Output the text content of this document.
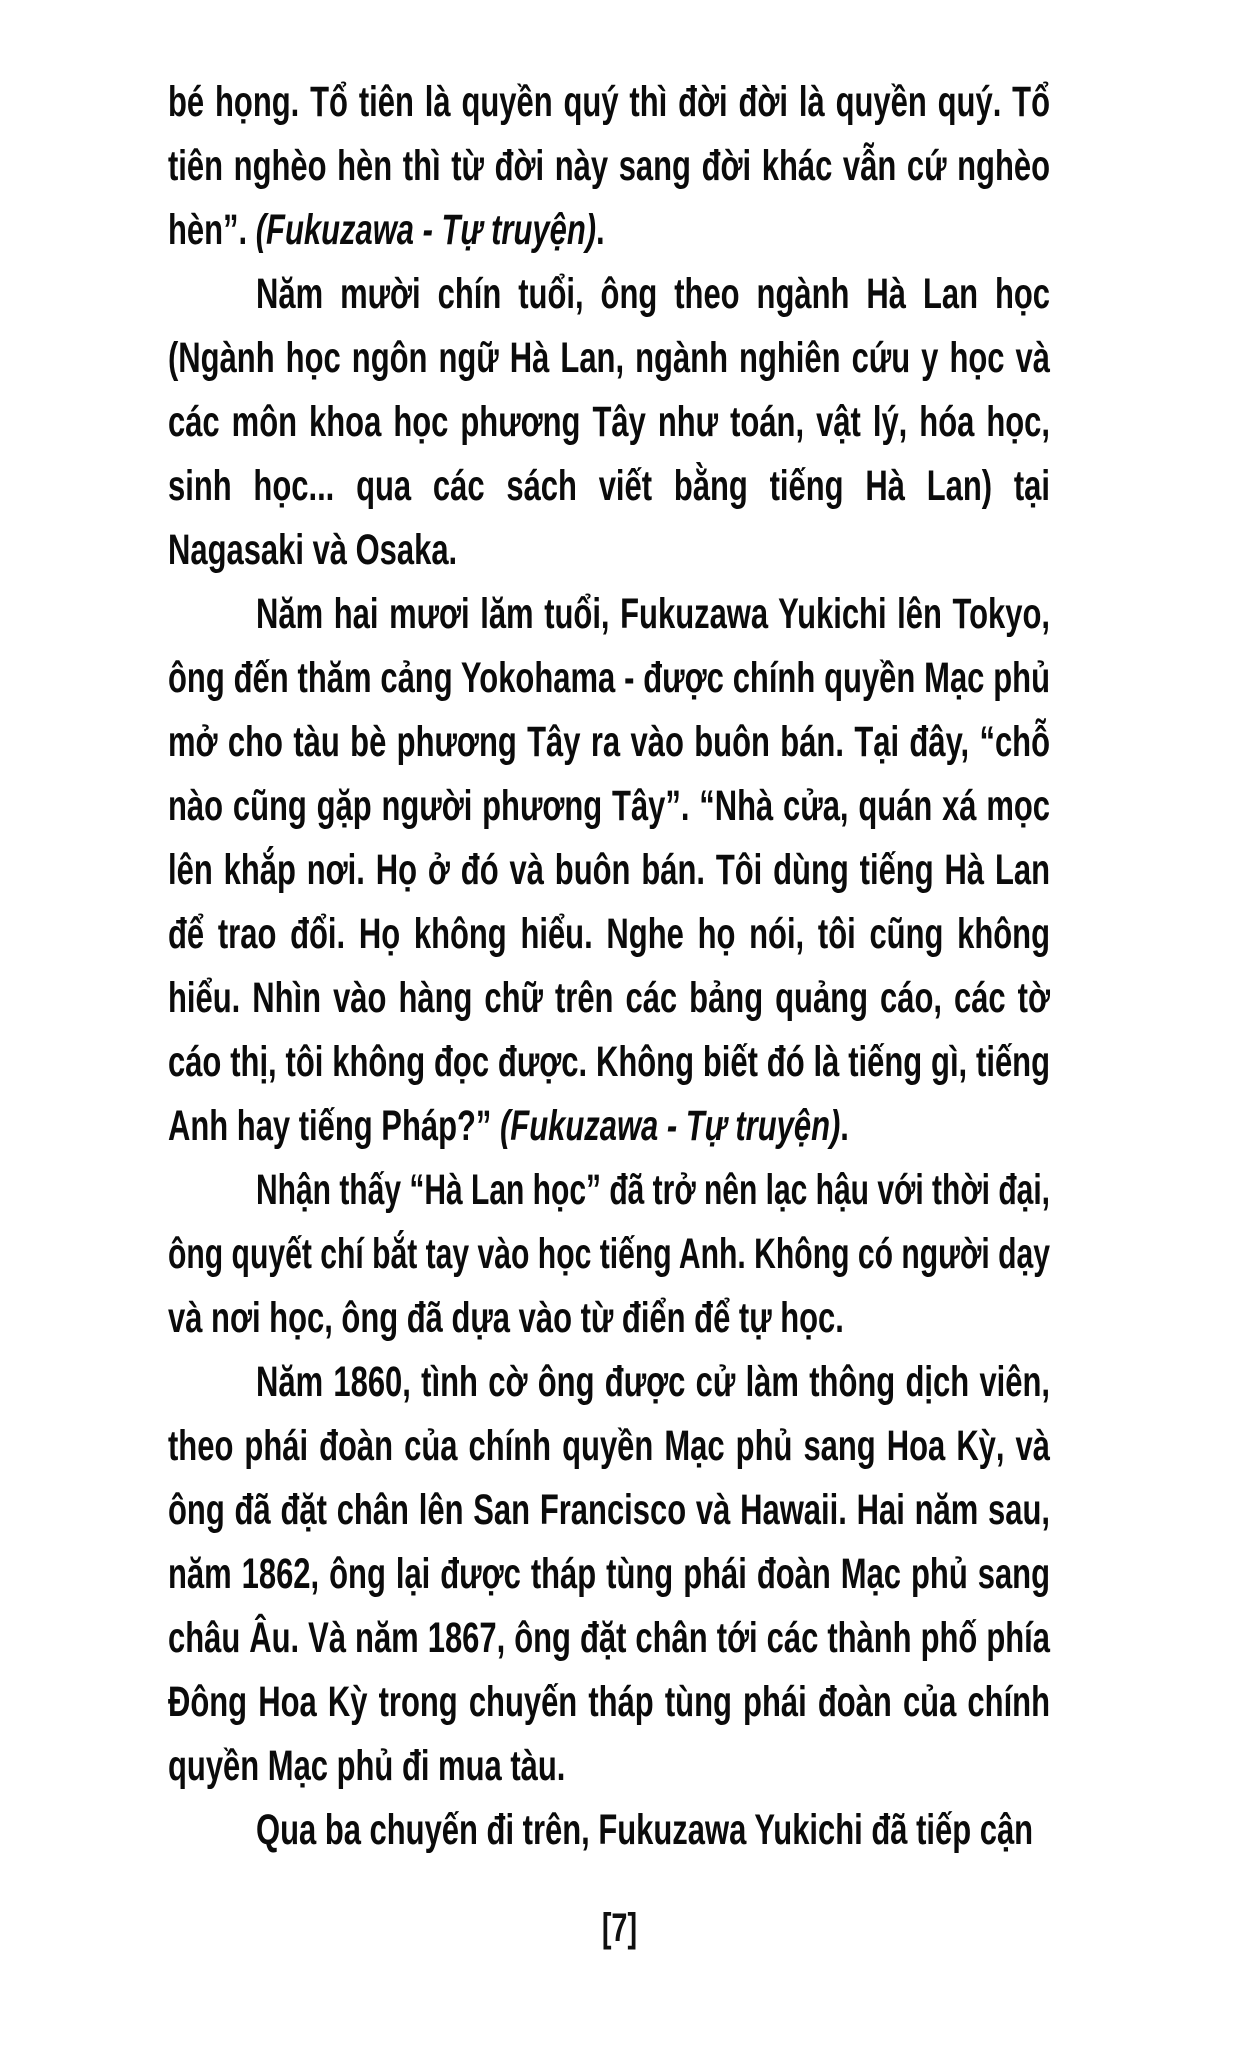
bé họng. Tổ tiên là quyền quý thì đời đời là quyền quý. Tổ
tiên nghèo hèn thì từ đời này sang đời khác vẫn cứ nghèo
hèn”. (Fukuzawa - Tự truyện).
Năm mười chín tuổi, ông theo ngành Hà Lan học
(Ngành học ngôn ngữ Hà Lan, ngành nghiên cứu y học và
các môn khoa học phương Tây như toán, vật lý, hóa học,
sinh học... qua các sách viết bằng tiếng Hà Lan) tại
Nagasaki và Osaka.
Năm hai mươi lăm tuổi, Fukuzawa Yukichi lên Tokyo,
ông đến thăm cảng Yokohama - được chính quyền Mạc phủ
mở cho tàu bè phương Tây ra vào buôn bán. Tại đây, “chỗ
nào cũng gặp người phương Tây”. “Nhà cửa, quán xá mọc
lên khắp nơi. Họ ở đó và buôn bán. Tôi dùng tiếng Hà Lan
để trao đổi. Họ không hiểu. Nghe họ nói, tôi cũng không
hiểu. Nhìn vào hàng chữ trên các bảng quảng cáo, các tờ
cáo thị, tôi không đọc được. Không biết đó là tiếng gì, tiếng
Anh hay tiếng Pháp?” (Fukuzawa - Tự truyện).
Nhận thấy “Hà Lan học” đã trở nên lạc hậu với thời đại,
ông quyết chí bắt tay vào học tiếng Anh. Không có người dạy
và nơi học, ông đã dựa vào từ điển để tự học.
Năm 1860, tình cờ ông được cử làm thông dịch viên,
theo phái đoàn của chính quyền Mạc phủ sang Hoa Kỳ, và
ông đã đặt chân lên San Francisco và Hawaii. Hai năm sau,
năm 1862, ông lại được tháp tùng phái đoàn Mạc phủ sang
châu Âu. Và năm 1867, ông đặt chân tới các thành phố phía
Đông Hoa Kỳ trong chuyến tháp tùng phái đoàn của chính
quyền Mạc phủ đi mua tàu.
Qua ba chuyến đi trên, Fukuzawa Yukichi đã tiếp cận
[7]
